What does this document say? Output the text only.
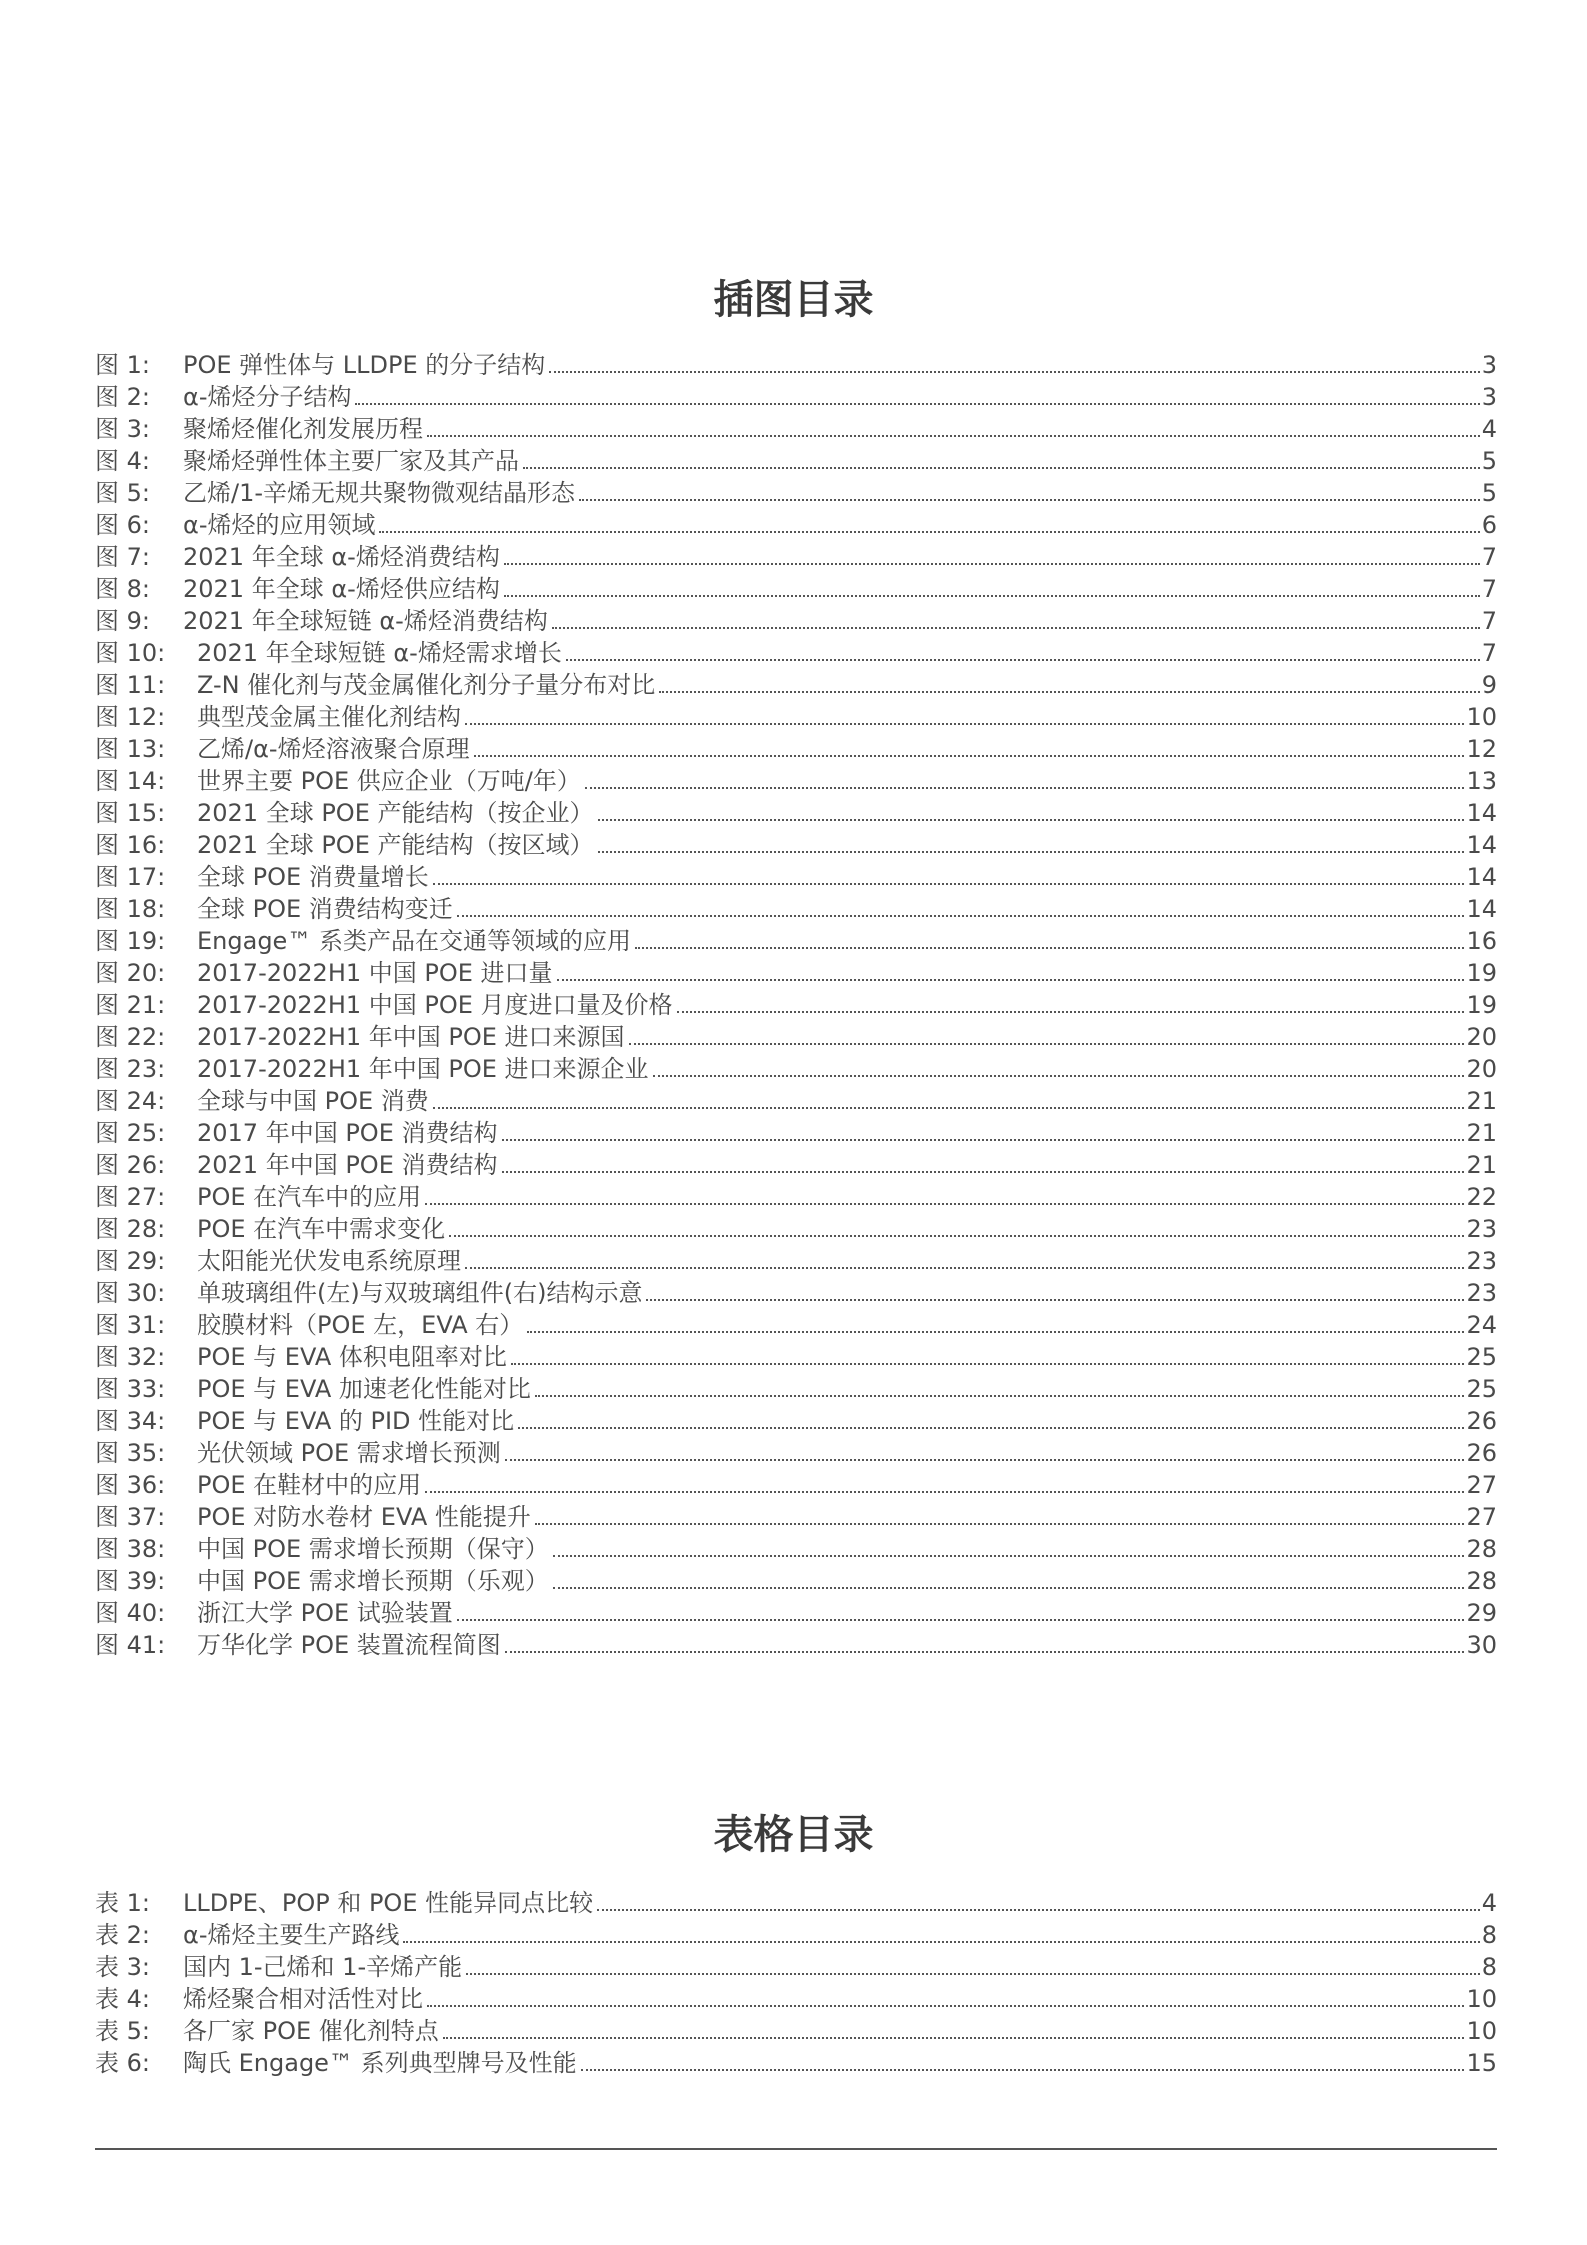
插图目录
图 1:	POE 弹性体与 LLDPE 的分子结构	3
图 2:	α-烯烃分子结构	3
图 3:	聚烯烃催化剂发展历程	4
图 4:	聚烯烃弹性体主要厂家及其产品	5
图 5:	乙烯/1-辛烯无规共聚物微观结晶形态	5
图 6:	α-烯烃的应用领域	6
图 7:	2021 年全球 α-烯烃消费结构	7
图 8:	2021 年全球 α-烯烃供应结构	7
图 9:	2021 年全球短链 α-烯烃消费结构	7
图 10:	2021 年全球短链 α-烯烃需求增长	7
图 11:	Z-N 催化剂与茂金属催化剂分子量分布对比	9
图 12:	典型茂金属主催化剂结构	10
图 13:	乙烯/α-烯烃溶液聚合原理	12
图 14:	世界主要 POE 供应企业（万吨/年）	13
图 15:	2021 全球 POE 产能结构（按企业）	14
图 16:	2021 全球 POE 产能结构（按区域）	14
图 17:	全球 POE 消费量增长	14
图 18:	全球 POE 消费结构变迁	14
图 19:	Engage™ 系类产品在交通等领域的应用	16
图 20:	2017-2022H1 中国 POE 进口量	19
图 21:	2017-2022H1 中国 POE 月度进口量及价格	19
图 22:	2017-2022H1 年中国 POE 进口来源国	20
图 23:	2017-2022H1 年中国 POE 进口来源企业	20
图 24:	全球与中国 POE 消费	21
图 25:	2017 年中国 POE 消费结构	21
图 26:	2021 年中国 POE 消费结构	21
图 27:	POE 在汽车中的应用	22
图 28:	POE 在汽车中需求变化	23
图 29:	太阳能光伏发电系统原理	23
图 30:	单玻璃组件(左)与双玻璃组件(右)结构示意	23
图 31:	胶膜材料（POE 左，EVA 右）	24
图 32:	POE 与 EVA 体积电阻率对比	25
图 33:	POE 与 EVA 加速老化性能对比	25
图 34:	POE 与 EVA 的 PID 性能对比	26
图 35:	光伏领域 POE 需求增长预测	26
图 36:	POE 在鞋材中的应用	27
图 37:	POE 对防水卷材 EVA 性能提升	27
图 38:	中国 POE 需求增长预期（保守）	28
图 39:	中国 POE 需求增长预期（乐观）	28
图 40:	浙江大学 POE 试验装置	29
图 41:	万华化学 POE 装置流程简图	30
表格目录
表 1:	LLDPE、POP 和 POE 性能异同点比较	4
表 2:	α-烯烃主要生产路线	8
表 3:	国内 1-己烯和 1-辛烯产能	8
表 4:	烯烃聚合相对活性对比	10
表 5:	各厂家 POE 催化剂特点	10
表 6:	陶氏 Engage™ 系列典型牌号及性能	15
